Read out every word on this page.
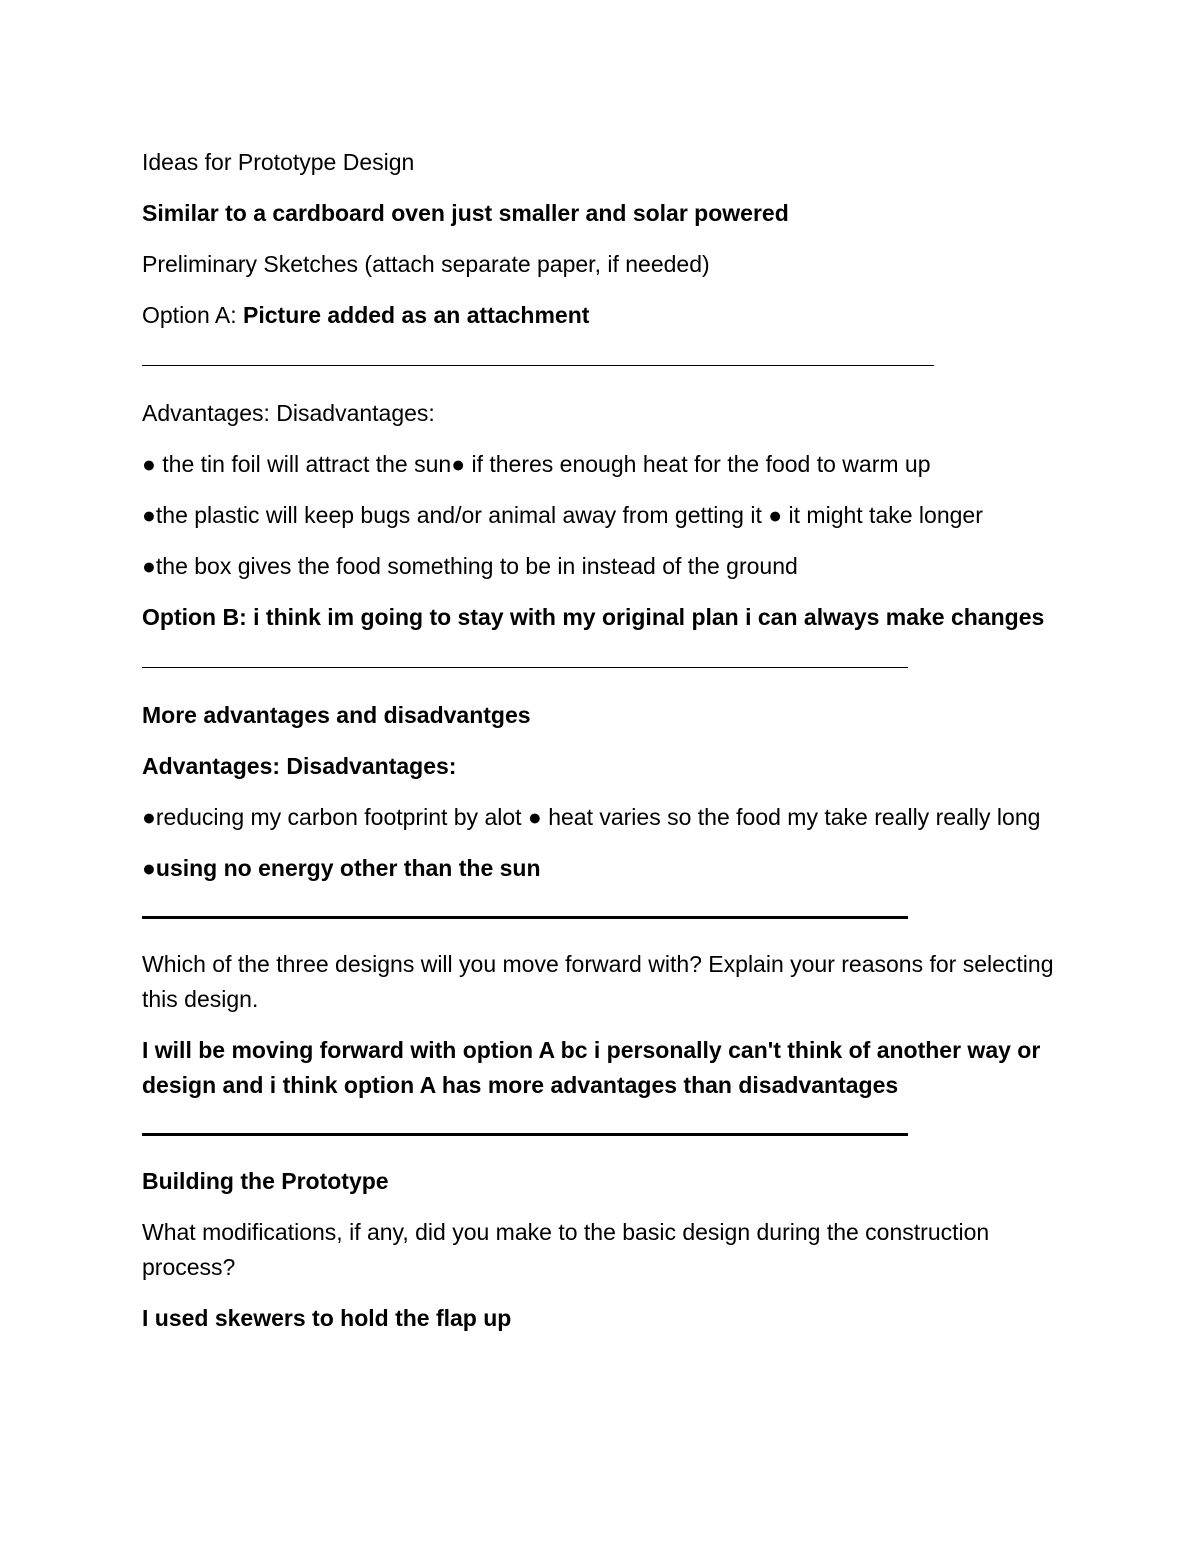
Ideas for Prototype Design
Similar to a cardboard oven just smaller and solar powered
Preliminary Sketches (attach separate paper, if needed)
Option A: Picture added as an attachment
Advantages: Disadvantages:
● the tin foil will attract the sun● if theres enough heat for the food to warm up
●the plastic will keep bugs and/or animal away from getting it ● it might take longer
●the box gives the food something to be in instead of the ground
Option B: i think im going to stay with my original plan i can always make changes
More advantages and disadvantges
Advantages: Disadvantages:
●reducing my carbon footprint by alot ● heat varies so the food my take really really long
●using no energy other than the sun
Which of the three designs will you move forward with? Explain your reasons for selecting this design.
I will be moving forward with option A bc i personally can't think of another way or design and i think option A has more advantages than disadvantages
Building the Prototype
What modifications, if any, did you make to the basic design during the construction process?
I used skewers to hold the flap up
